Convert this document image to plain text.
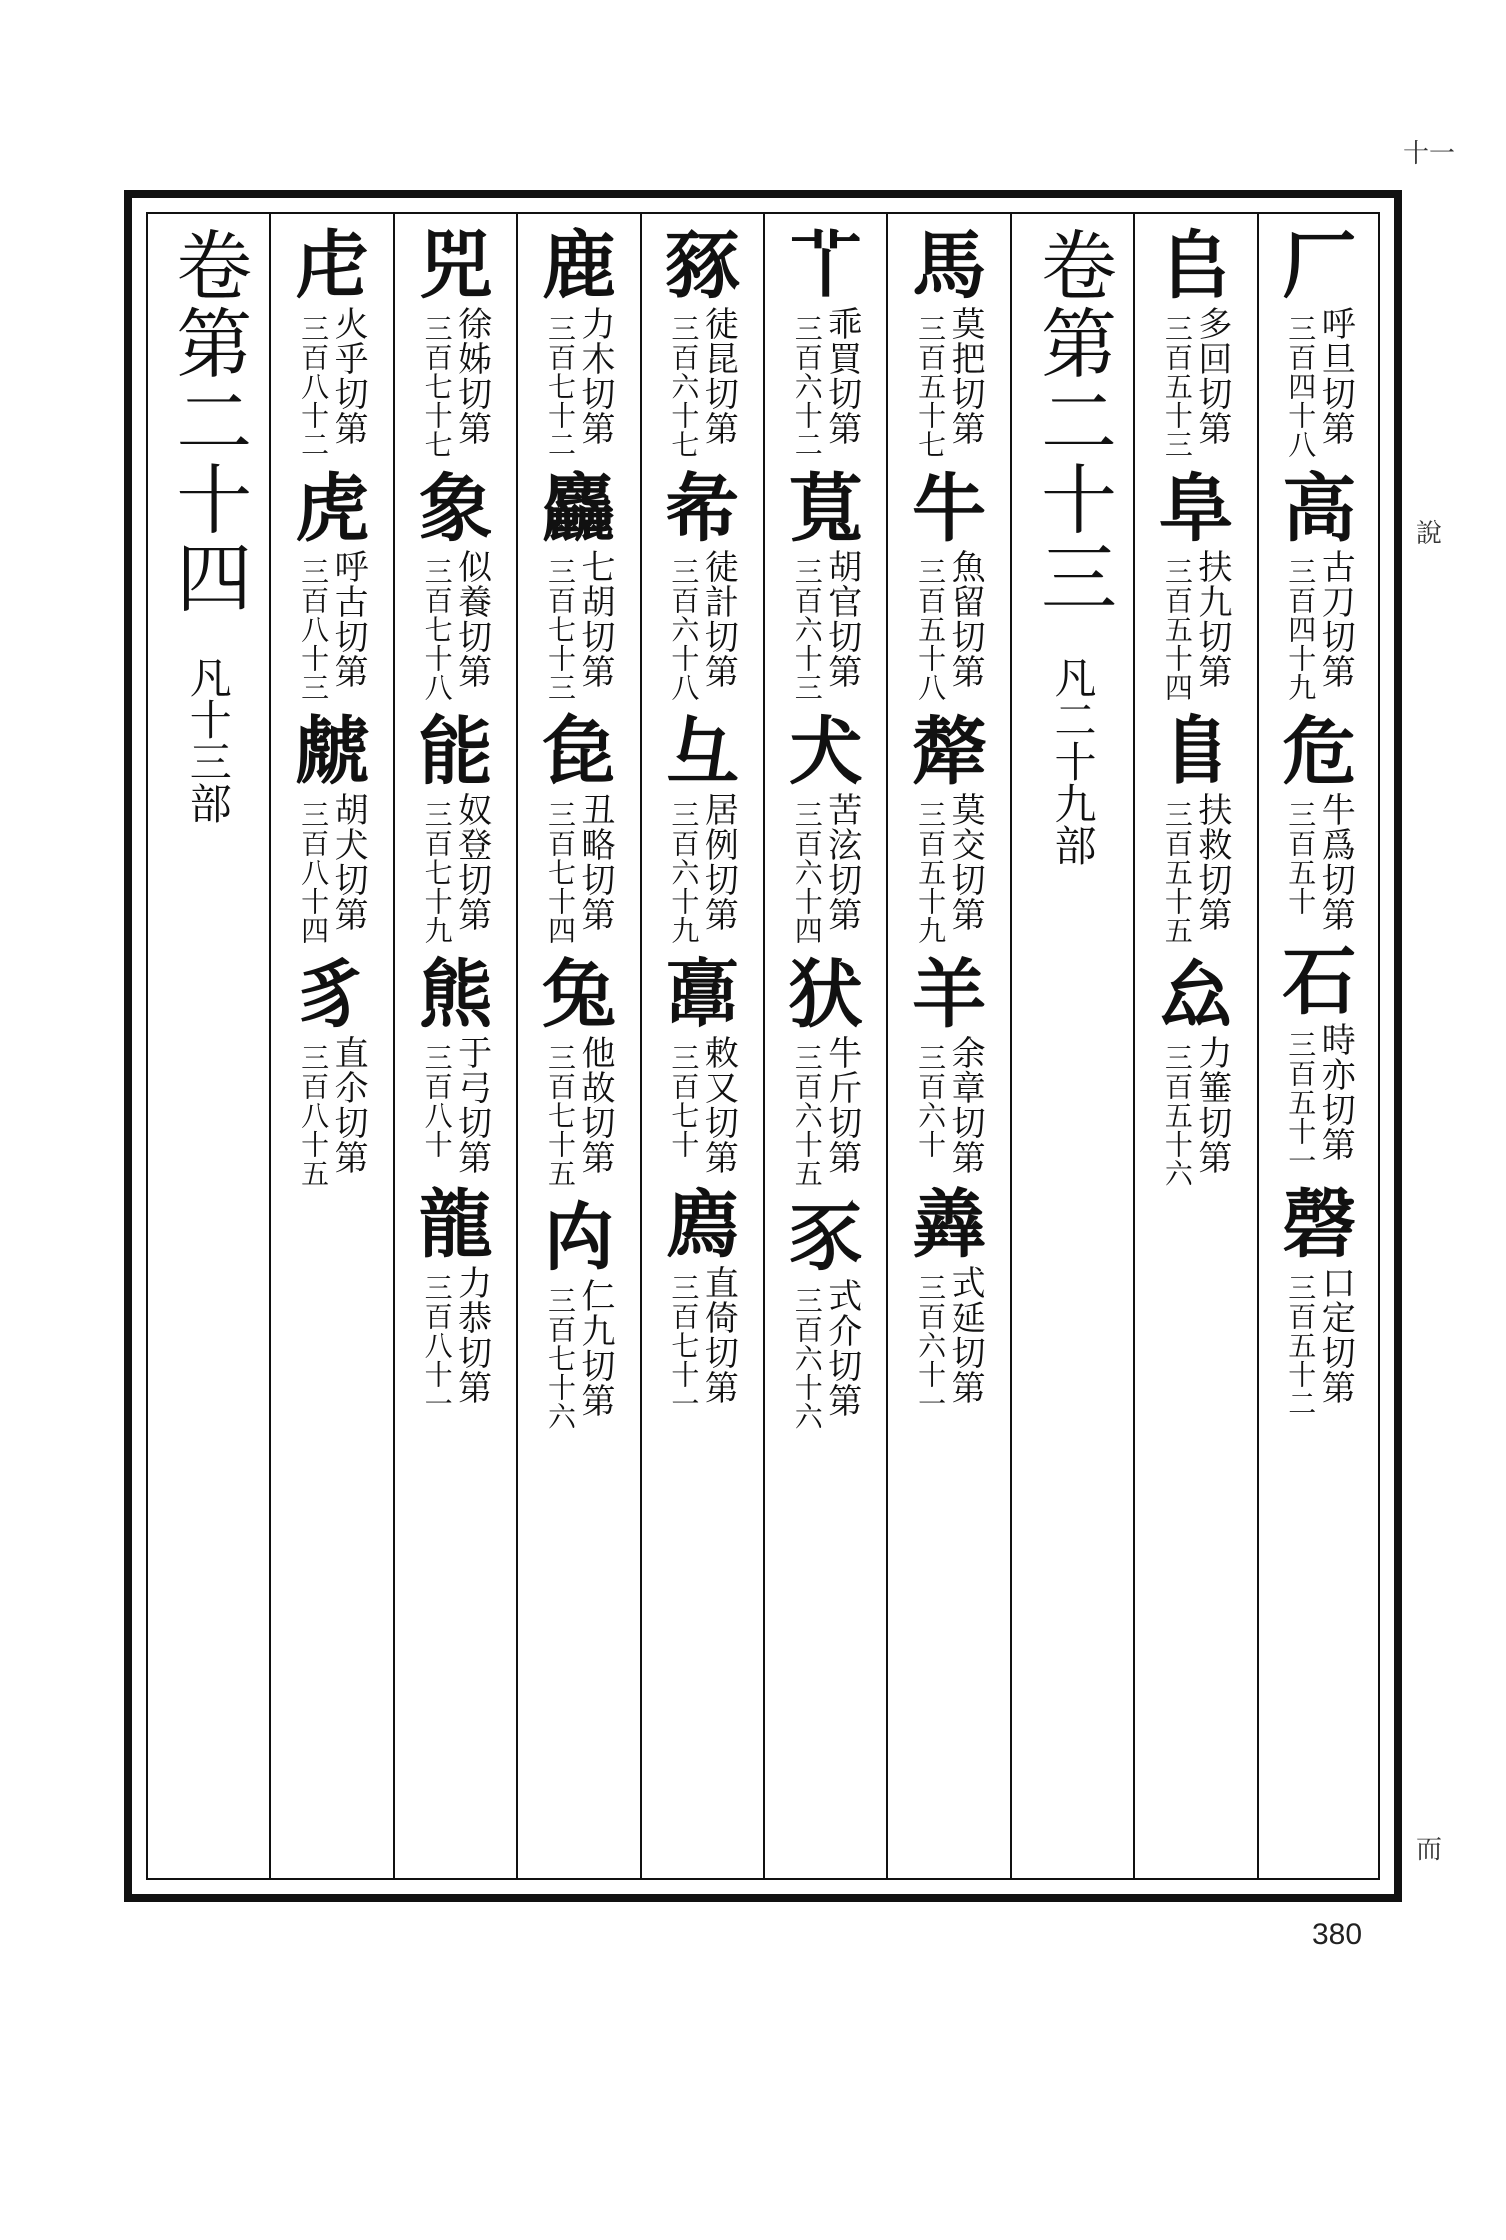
十一
說
而
厂
呼旦切第
三百四十八
高
古刀切第
三百四十九
危
牛爲切第
三百五十
石
時亦切第
三百五十一
磬
口定切第
三百五十二
𠂤
多回切第
三百五十三
阜
扶九切第
三百五十四
𨸏
扶救切第
三百五十五
厽
力箠切第
三百五十六
卷第二十三
凡二十九部
馬
莫把切第
三百五十七
牛
魚留切第
三百五十八
犛
莫交切第
三百五十九
羊
余章切第
三百六十
羴
式延切第
三百六十一
𦫳
乖買切第
三百六十二
萈
胡官切第
三百六十三
犬
苦泫切第
三百六十四
犾
牛斤切第
三百六十五
豕
式介切第
三百六十六
豩
徒昆切第
三百六十七
㣇
徒計切第
三百六十八
彑
居例切第
三百六十九
𩫖
敕又切第
三百七十
廌
直倚切第
三百七十一
鹿
力木切第
三百七十二
麤
七胡切第
三百七十三
㲋
丑略切第
三百七十四
兔
他故切第
三百七十五
禸
仁九切第
三百七十六
兕
徐姊切第
三百七十七
象
似養切第
三百七十八
能
奴登切第
三百七十九
熊
于弓切第
三百八十
龍
力恭切第
三百八十一
虍
火乎切第
三百八十二
虎
呼古切第
三百八十三
虤
胡犬切第
三百八十四
豸
直尒切第
三百八十五
卷第二十四
凡十三部
380
